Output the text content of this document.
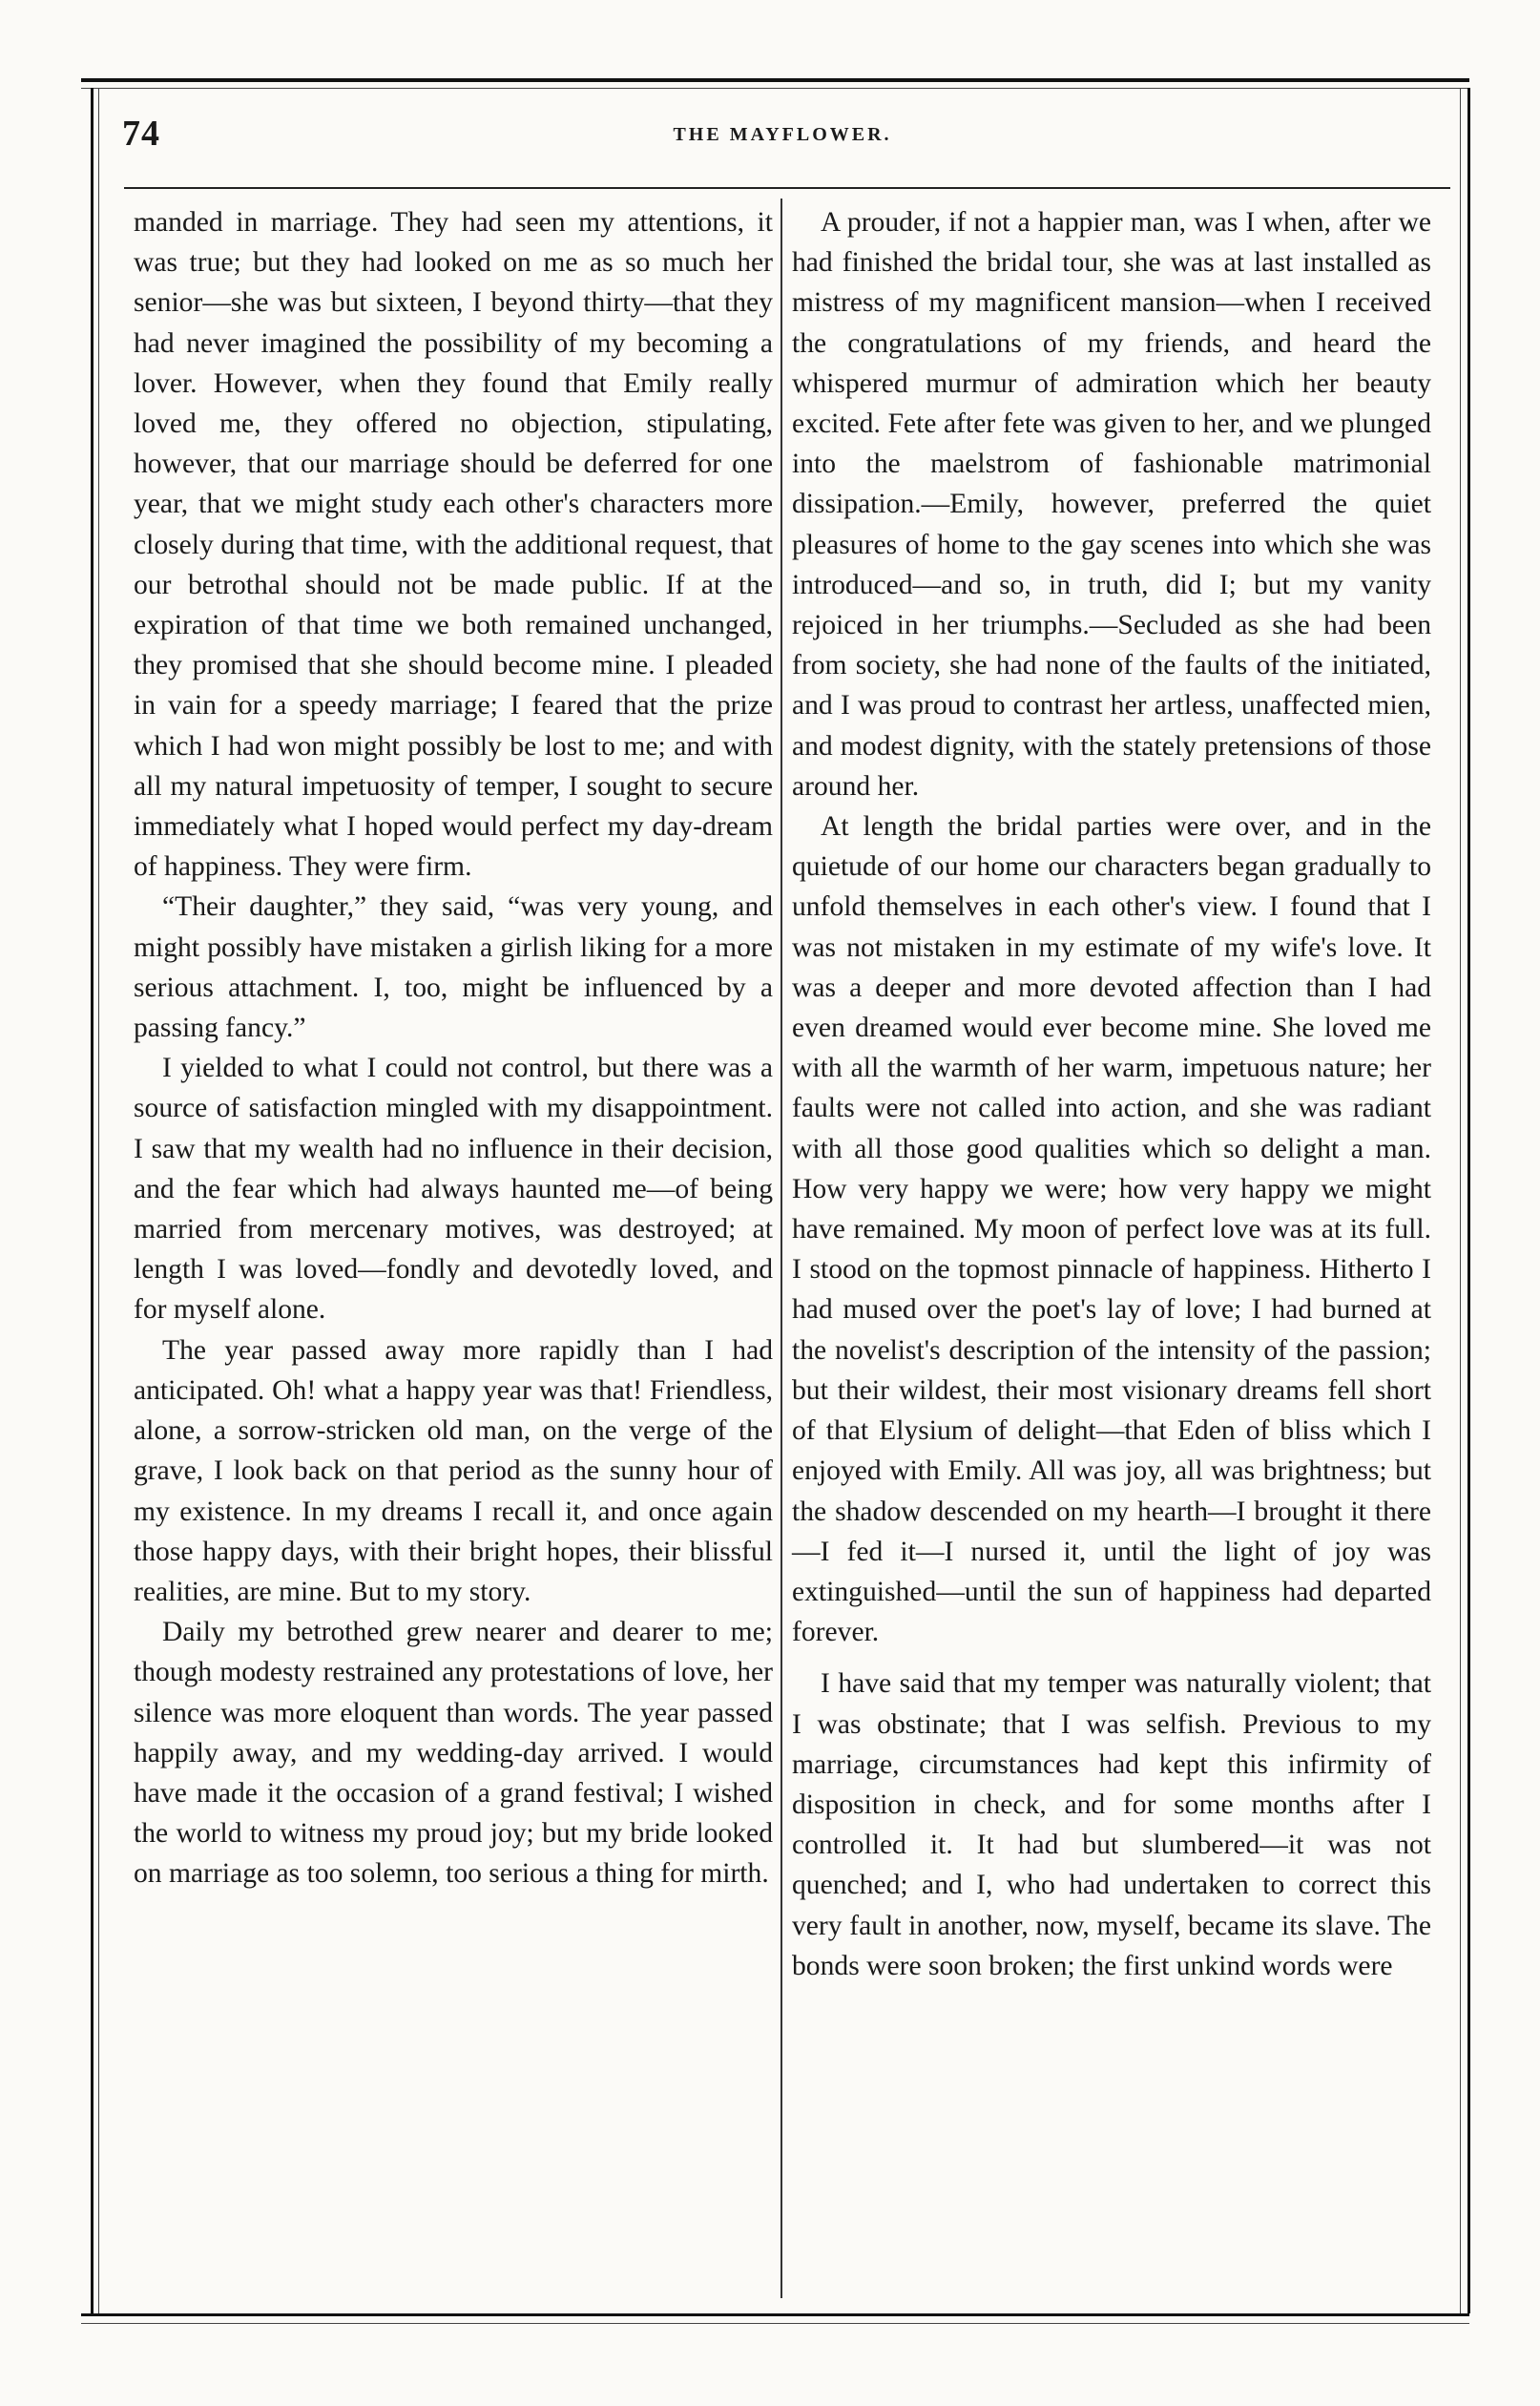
74	THE MAYFLOWER.

manded in marriage. They had seen my attentions, it was true; but they had looked on me as so much her senior—she was but sixteen, I beyond thirty—that they had never imagined the possibility of my becoming a lover. However, when they found that Emily really loved me, they offered no objection, stipulating, however, that our marriage should be deferred for one year, that we might study each other's characters more closely during that time, with the additional request, that our betrothal should not be made public. If at the expiration of that time we both remained unchanged, they promised that she should become mine. I pleaded in vain for a speedy marriage; I feared that the prize which I had won might possibly be lost to me; and with all my natural impetuosity of temper, I sought to secure immediately what I hoped would perfect my day-dream of happiness. They were firm.

“Their daughter,” they said, “was very young, and might possibly have mistaken a girlish liking for a more serious attachment. I, too, might be influenced by a passing fancy.”

I yielded to what I could not control, but there was a source of satisfaction mingled with my disappointment. I saw that my wealth had no influence in their decision, and the fear which had always haunted me—of being married from mercenary motives, was destroyed; at length I was loved—fondly and devotedly loved, and for myself alone.

The year passed away more rapidly than I had anticipated. Oh! what a happy year was that! Friendless, alone, a sorrow-stricken old man, on the verge of the grave, I look back on that period as the sunny hour of my existence. In my dreams I recall it, and once again those happy days, with their bright hopes, their blissful realities, are mine. But to my story.

Daily my betrothed grew nearer and dearer to me; though modesty restrained any protestations of love, her silence was more eloquent than words. The year passed happily away, and my wedding-day arrived. I would have made it the occasion of a grand festival; I wished the world to witness my proud joy; but my bride looked on marriage as too solemn, too serious a thing for mirth.

A prouder, if not a happier man, was I when, after we had finished the bridal tour, she was at last installed as mistress of my magnificent mansion—when I received the congratulations of my friends, and heard the whispered murmur of admiration which her beauty excited. Fete after fete was given to her, and we plunged into the maelstrom of fashionable matrimonial dissipation.—Emily, however, preferred the quiet pleasures of home to the gay scenes into which she was introduced—and so, in truth, did I; but my vanity rejoiced in her triumphs.—Secluded as she had been from society, she had none of the faults of the initiated, and I was proud to contrast her artless, unaffected mien, and modest dignity, with the stately pretensions of those around her.

At length the bridal parties were over, and in the quietude of our home our characters began gradually to unfold themselves in each other's view. I found that I was not mistaken in my estimate of my wife's love. It was a deeper and more devoted affection than I had even dreamed would ever become mine. She loved me with all the warmth of her warm, impetuous nature; her faults were not called into action, and she was radiant with all those good qualities which so delight a man. How very happy we were; how very happy we might have remained. My moon of perfect love was at its full. I stood on the topmost pinnacle of happiness. Hitherto I had mused over the poet's lay of love; I had burned at the novelist's description of the intensity of the passion; but their wildest, their most visionary dreams fell short of that Elysium of delight—that Eden of bliss which I enjoyed with Emily. All was joy, all was brightness; but the shadow descended on my hearth—I brought it there—I fed it—I nursed it, until the light of joy was extinguished—until the sun of happiness had departed forever.

I have said that my temper was naturally violent; that I was obstinate; that I was selfish. Previous to my marriage, circumstances had kept this infirmity of disposition in check, and for some months after I controlled it. It had but slumbered—it was not quenched; and I, who had undertaken to correct this very fault in another, now, myself, became its slave. The bonds were soon broken; the first unkind words were
